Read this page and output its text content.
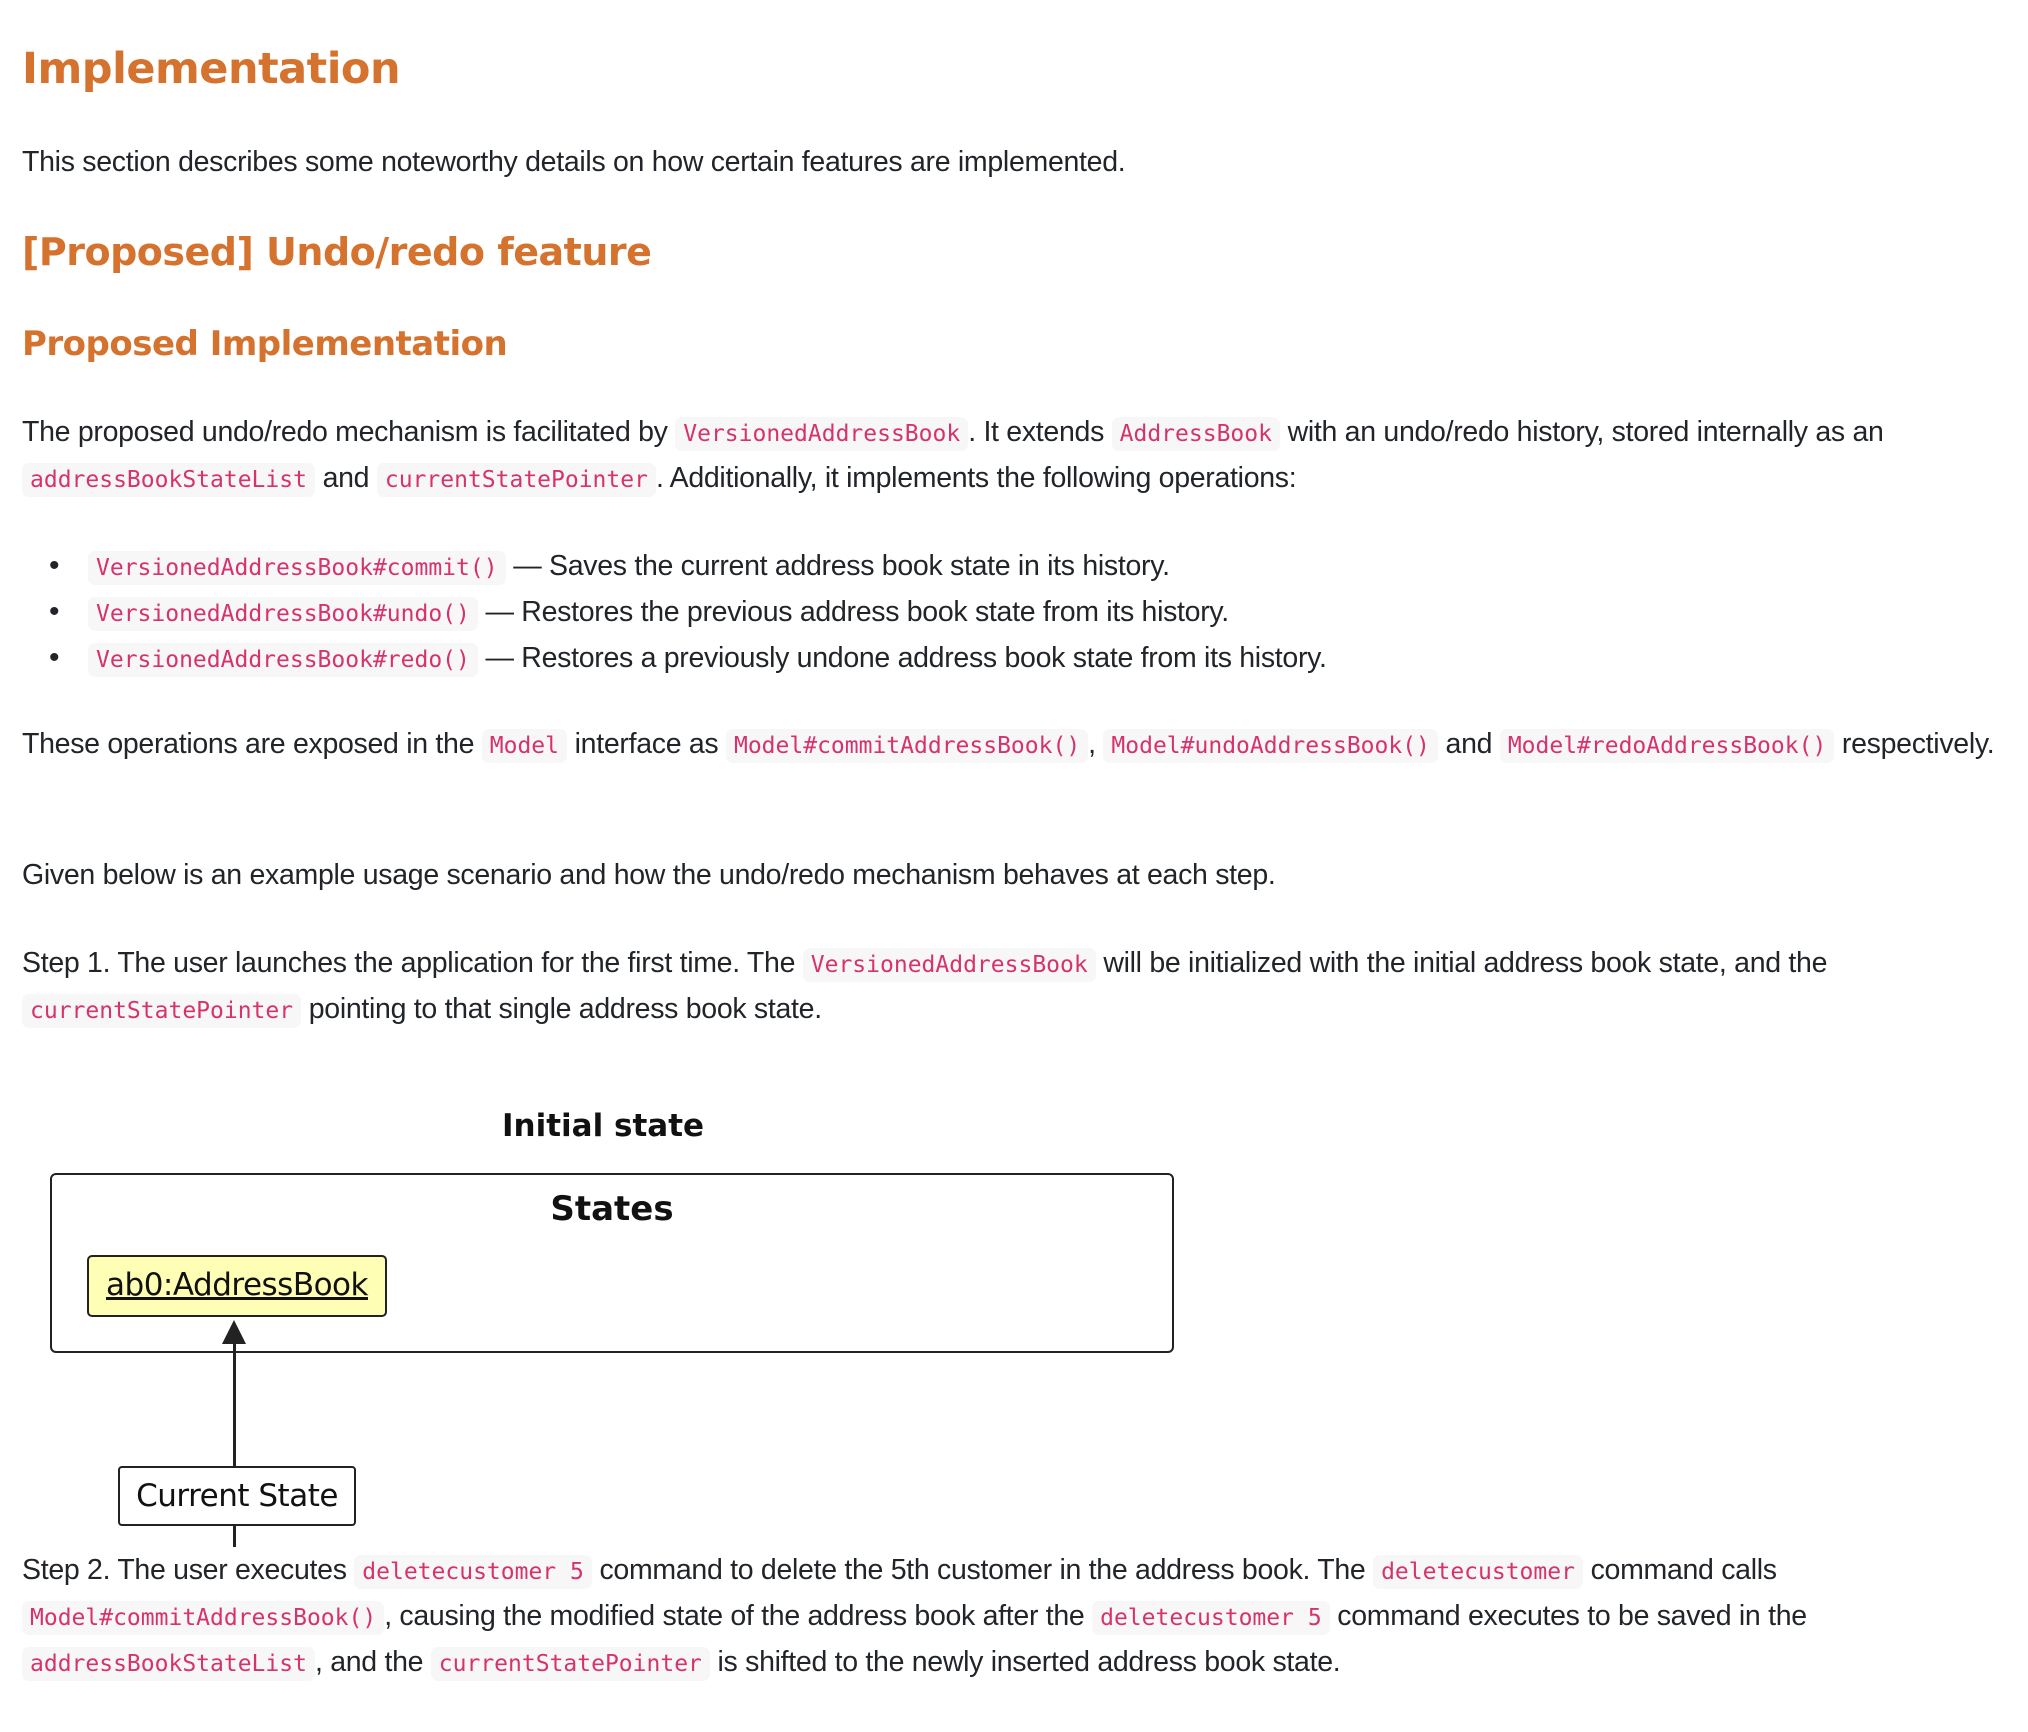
Implementation

This section describes some noteworthy details on how certain features are implemented.

[Proposed] Undo/redo feature
Proposed Implementation

The proposed undo/redo mechanism is facilitated by VersionedAddressBook . It extends AddressBook with an undo/redo history, stored internally as an addressBookStateList and currentStatePointer . Additionally, it implements the following operations:

• VersionedAddressBook#commit() — Saves the current address book state in its history.
• VersionedAddressBook#undo() — Restores the previous address book state from its history.
• VersionedAddressBook#redo() — Restores a previously undone address book state from its history.

These operations are exposed in the Model interface as Model#commitAddressBook() , Model#undoAddressBook() and Model#redoAddressBook() respectively.

Given below is an example usage scenario and how the undo/redo mechanism behaves at each step.

Step 1. The user launches the application for the first time. The VersionedAddressBook will be initialized with the initial address book state, and the currentStatePointer pointing to that single address book state.

Initial state
States
ab0:AddressBook
Current State

Step 2. The user executes deletecustomer 5 command to delete the 5th customer in the address book. The deletecustomer command calls Model#commitAddressBook() , causing the modified state of the address book after the deletecustomer 5 command executes to be saved in the addressBookStateList , and the currentStatePointer is shifted to the newly inserted address book state.
